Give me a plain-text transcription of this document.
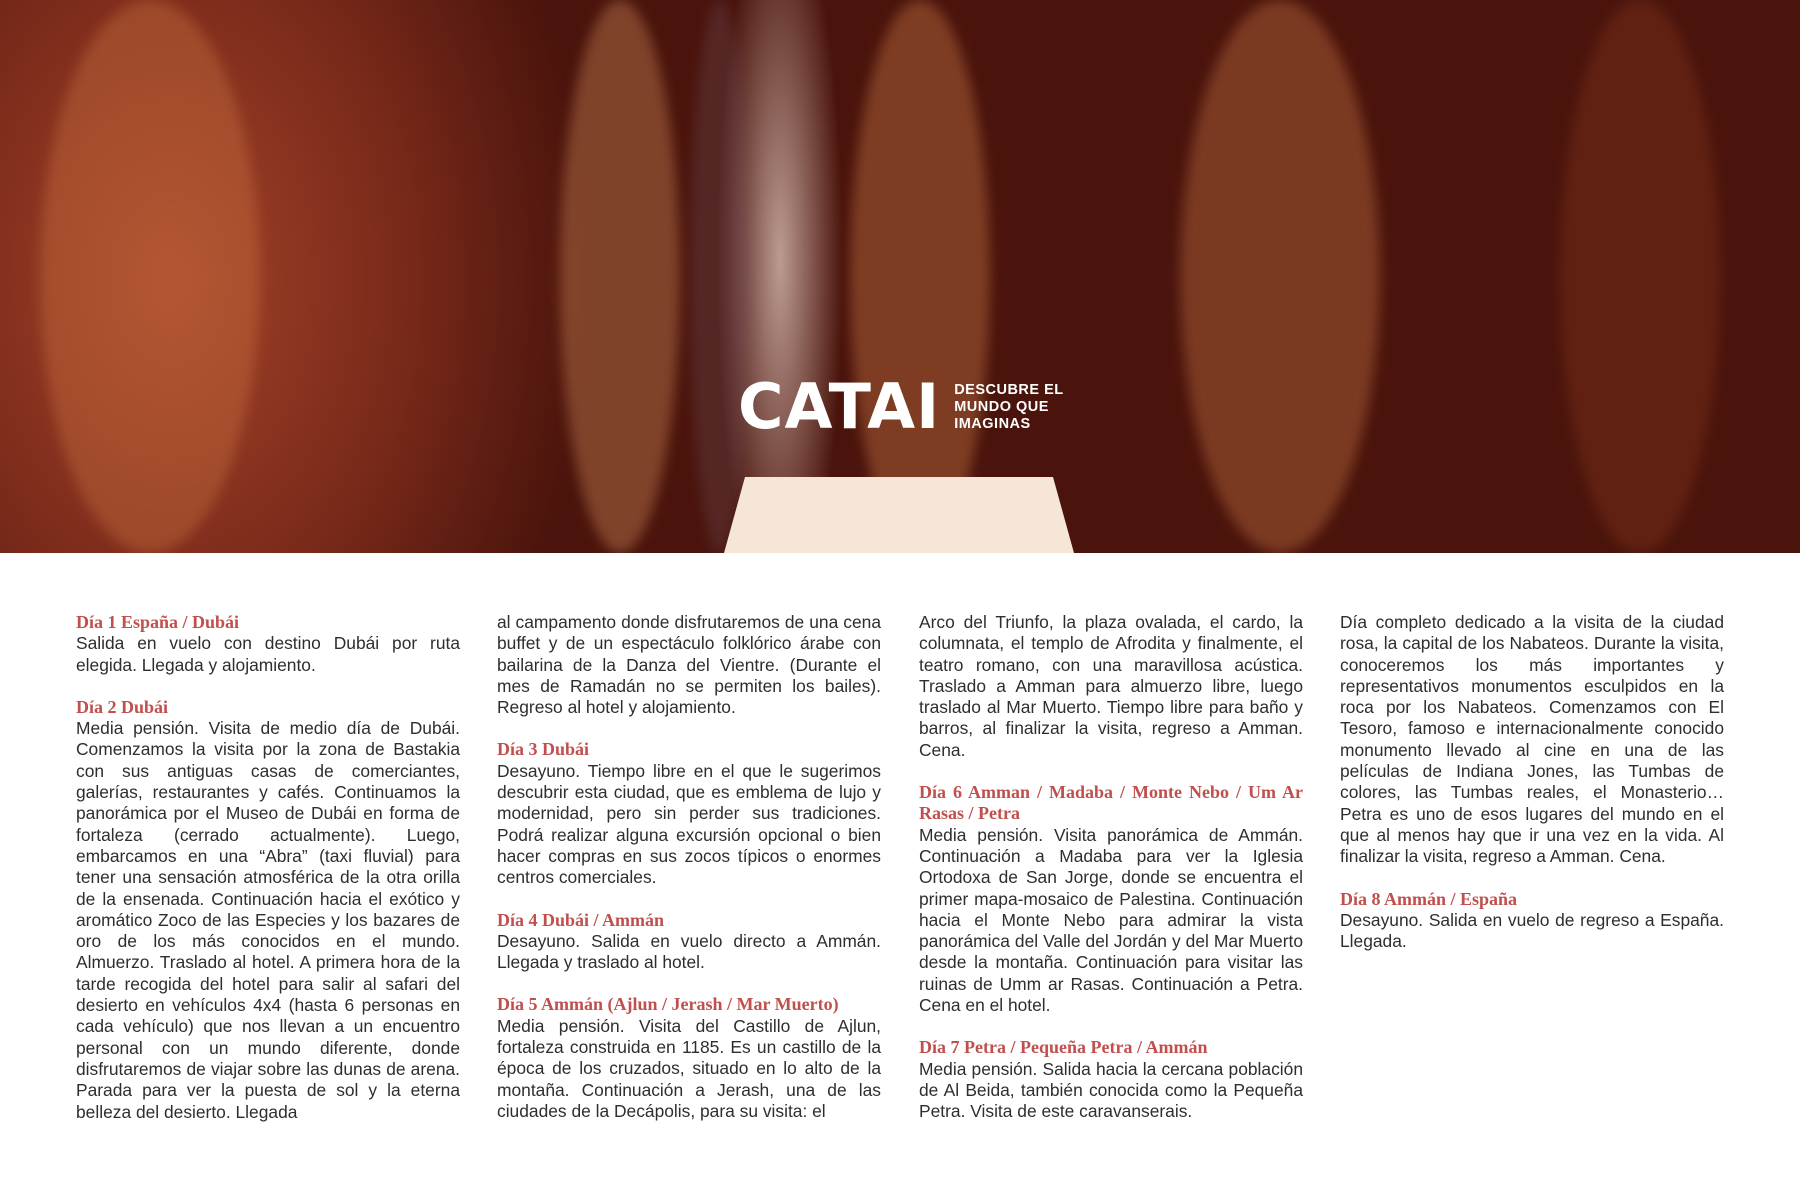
CATAI DESCUBRE EL
MUNDO QUE
IMAGINAS

Día 1 España / Dubái

Salida en vuelo con destino Dubái por ruta elegida. Llegada y alojamiento.

Día 2 Dubái

Media pensión. Visita de medio día de Dubái. Comenzamos la visita por la zona de Bastakia con sus antiguas casas de comerciantes, galerías, restaurantes y cafés. Continuamos la panorámica por el Museo de Dubái en forma de fortaleza (cerrado actualmente). Luego, embarcamos en una “Abra” (taxi fluvial) para tener una sensación atmosférica de la otra orilla de la ensenada. Continuación hacia el exótico y aromático Zoco de las Especies y los bazares de oro de los más conocidos en el mundo. Almuerzo. Traslado al hotel. A primera hora de la tarde recogida del hotel para salir al safari del desierto en vehículos 4x4 (hasta 6 personas en cada vehículo) que nos llevan a un encuentro personal con un mundo diferente, donde disfrutaremos de viajar sobre las dunas de arena. Parada para ver la puesta de sol y la eterna belleza del desierto. Llegada

al campamento donde disfrutaremos de una cena buffet y de un espectáculo folklórico árabe con bailarina de la Danza del Vientre. (Durante el mes de Ramadán no se permiten los bailes). Regreso al hotel y alojamiento.

Día 3 Dubái

Desayuno. Tiempo libre en el que le sugerimos descubrir esta ciudad, que es emblema de lujo y modernidad, pero sin perder sus tradiciones. Podrá realizar alguna excursión opcional o bien hacer compras en sus zocos típicos o enormes centros comerciales.

Día 4 Dubái / Ammán

Desayuno. Salida en vuelo directo a Ammán. Llegada y traslado al hotel.

Día 5 Ammán (Ajlun / Jerash / Mar Muerto)

Media pensión. Visita del Castillo de Ajlun, fortaleza construida en 1185. Es un castillo de la época de los cruzados, situado en lo alto de la montaña. Continuación a Jerash, una de las ciudades de la Decápolis, para su visita: el

Arco del Triunfo, la plaza ovalada, el cardo, la columnata, el templo de Afrodita y finalmente, el teatro romano, con una maravillosa acústica. Traslado a Amman para almuerzo libre, luego traslado al Mar Muerto. Tiempo libre para baño y barros, al finalizar la visita, regreso a Amman. Cena.

Día 6 Amman / Madaba / Monte Nebo / Um Ar Rasas / Petra

Media pensión. Visita panorámica de Ammán. Continuación a Madaba para ver la Iglesia Ortodoxa de San Jorge, donde se encuentra el primer mapa-mosaico de Palestina. Continuación hacia el Monte Nebo para admirar la vista panorámica del Valle del Jordán y del Mar Muerto desde la montaña. Continuación para visitar las ruinas de Umm ar Rasas. Continuación a Petra. Cena en el hotel.

Día 7 Petra / Pequeña Petra / Ammán

Media pensión. Salida hacia la cercana población de Al Beida, también conocida como la Pequeña Petra. Visita de este caravanserais.

Día completo dedicado a la visita de la ciudad rosa, la capital de los Nabateos. Durante la visita, conoceremos los más importantes y representativos monumentos esculpidos en la roca por los Nabateos. Comenzamos con El Tesoro, famoso e internacionalmente conocido monumento llevado al cine en una de las películas de Indiana Jones, las Tumbas de colores, las Tumbas reales, el Monasterio… Petra es uno de esos lugares del mundo en el que al menos hay que ir una vez en la vida. Al finalizar la visita, regreso a Amman. Cena.

Día 8 Ammán / España

Desayuno. Salida en vuelo de regreso a España. Llegada.
